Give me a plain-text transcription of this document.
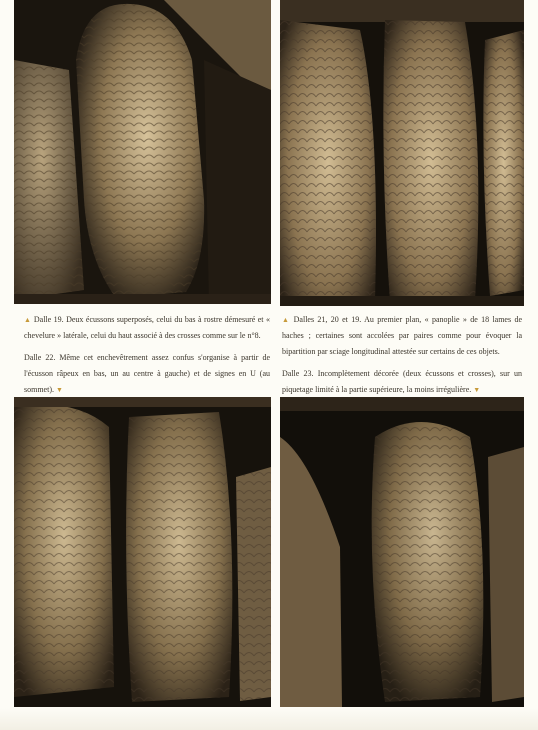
▲ Dalle 19. Deux écussons superposés, celui du bas à rostre démesuré et « chevelure » latérale, celui du haut associé à des crosses comme sur le n°8.

Dalle 22. Même cet enchevêtrement assez confus s'organise à partir de l'écusson râpeux en bas, un au centre à gauche) et de signes en U (au sommet). ▼

▲ Dalles 21, 20 et 19. Au premier plan, « panoplie » de 18 lames de haches ; certaines sont accolées par paires comme pour évoquer la bipartition par sciage longitudinal attestée sur certains de ces objets.

Dalle 23. Incomplètement décorée (deux écussons et crosses), sur un piquetage limité à la partie supérieure, la moins irrégulière. ▼
